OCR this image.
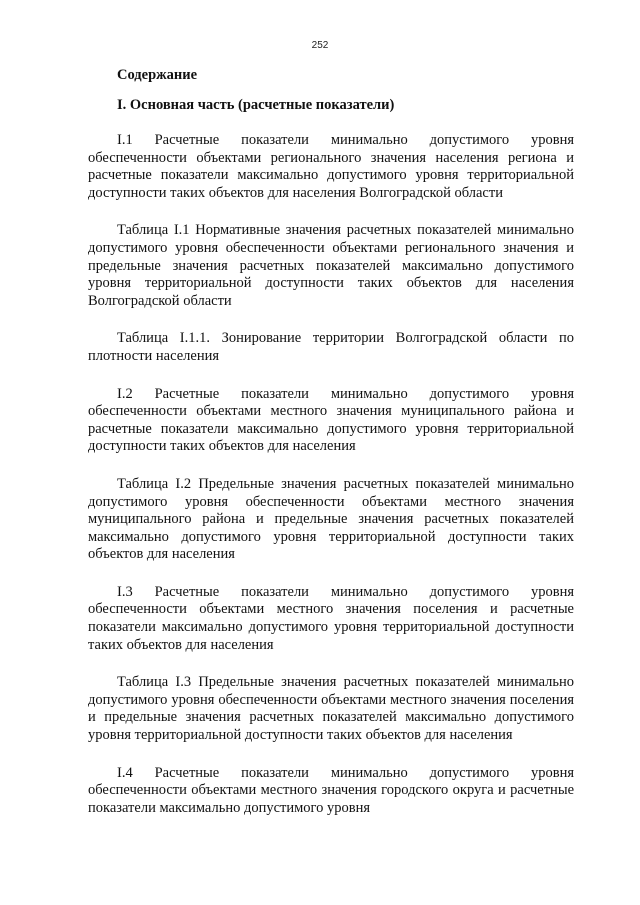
252

Содержание

I. Основная часть (расчетные показатели)

I.1 Расчетные показатели минимально допустимого уровня обеспеченности объектами регионального значения населения региона и расчетные показатели максимально допустимого уровня территориальной доступности таких объектов для населения Волгоградской области

Таблица I.1 Нормативные значения расчетных показателей минимально допустимого уровня обеспеченности объектами регионального значения и предельные значения расчетных показателей максимально допустимого уровня территориальной доступности таких объектов для населения Волгоградской области

Таблица I.1.1. Зонирование территории Волгоградской области по плотности населения

I.2 Расчетные показатели минимально допустимого уровня обеспеченности объектами местного значения муниципального района и расчетные показатели максимально допустимого уровня территориальной доступности таких объектов для населения

Таблица I.2 Предельные значения расчетных показателей минимально допустимого уровня обеспеченности объектами местного значения муниципального района и предельные значения расчетных показателей максимально допустимого уровня территориальной доступности таких объектов для населения

I.3 Расчетные показатели минимально допустимого уровня обеспеченности объектами местного значения поселения и расчетные показатели максимально допустимого уровня территориальной доступности таких объектов для населения

Таблица I.3 Предельные значения расчетных показателей минимально допустимого уровня обеспеченности объектами местного значения поселения и предельные значения расчетных показателей максимально допустимого уровня территориальной доступности таких объектов для населения

I.4 Расчетные показатели минимально допустимого уровня обеспеченности объектами местного значения городского округа и расчетные показатели максимально допустимого уровня
